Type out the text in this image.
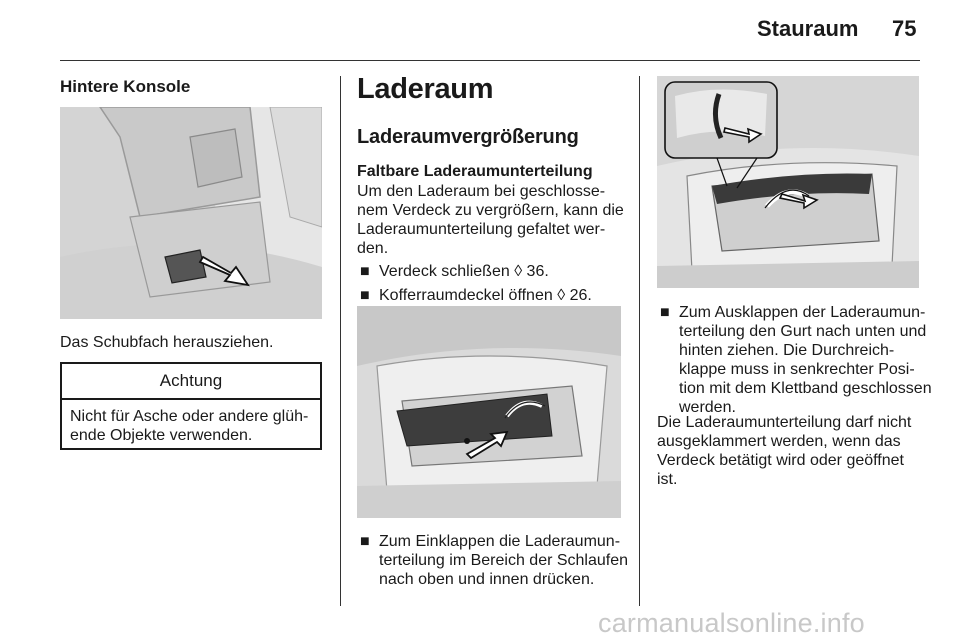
Stauraum 75
Hintere Konsole
Das Schubfach herausziehen.
Achtung
Nicht für Asche oder andere glüh-
ende Objekte verwenden.
Laderaum
Laderaumvergrößerung
Faltbare Laderaumunterteilung
Um den Laderaum bei geschlosse-
nem Verdeck zu vergrößern, kann die
Laderaumunterteilung gefaltet wer-
den.
■ Verdeck schließen ◊ 36.
■ Kofferraumdeckel öffnen ◊ 26.
■ Zum Einklappen die Laderaumun-
terteilung im Bereich der Schlaufen
nach oben und innen drücken.
■ Zum Ausklappen der Laderaumun-
terteilung den Gurt nach unten und
hinten ziehen. Die Durchreich-
klappe muss in senkrechter Posi-
tion mit dem Klettband geschlossen
werden.
Die Laderaumunterteilung darf nicht
ausgeklammert werden, wenn das
Verdeck betätigt wird oder geöffnet
ist.
carmanualsonline.info
